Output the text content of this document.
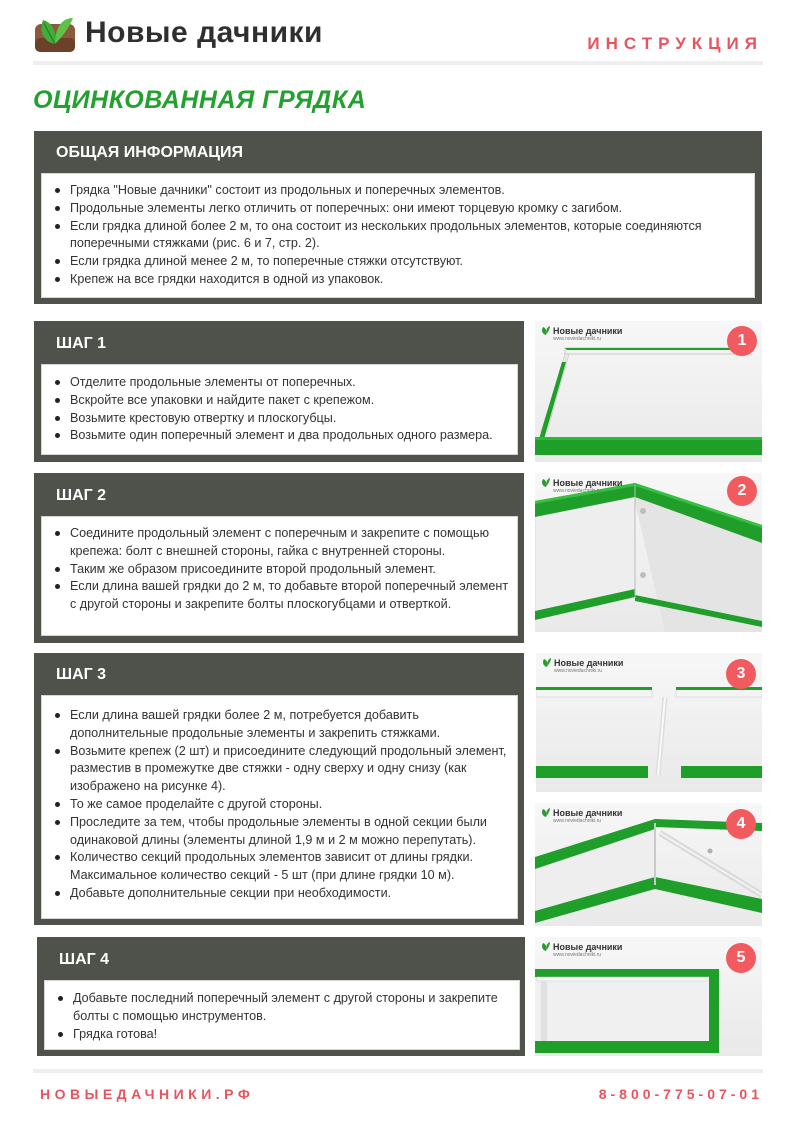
Новые дачники	ИНСТРУКЦИЯ
ОЦИНКОВАННАЯ ГРЯДКА
ОБЩАЯ ИНФОРМАЦИЯ
Грядка "Новые дачники" состоит из продольных и поперечных элементов.
Продольные элементы легко отличить от поперечных: они имеют торцевую кромку с загибом.
Если грядка длиной более 2 м, то она состоит из нескольких продольных элементов, которые соединяются поперечными стяжками (рис. 6 и 7, стр. 2).
Если грядка длиной менее 2 м, то поперечные стяжки отсутствуют.
Крепеж на все грядки находится в одной из упаковок.
ШАГ 1
Отделите продольные элементы от поперечных.
Вскройте все упаковки и найдите пакет с крепежом.
Возьмите крестовую отвертку и плоскогубцы.
Возьмите один поперечный элемент и два продольных одного размера.
ШАГ 2
Соедините продольный элемент с поперечным и закрепите с помощью крепежа: болт с внешней стороны, гайка с внутренней стороны.
Таким же образом присоедините второй продольный элемент.
Если длина вашей грядки до 2 м, то добавьте второй поперечный элемент с другой стороны и закрепите болты плоскогубцами и отверткой.
ШАГ 3
Если длина вашей грядки более 2 м, потребуется добавить дополнительные продольные элементы и закрепить стяжками.
Возьмите крепеж (2 шт) и присоедините следующий продольный элемент, разместив в промежутке две стяжки - одну сверху и одну снизу (как изображено на рисунке 4).
То же самое проделайте с другой стороны.
Проследите за тем, чтобы продольные элементы в одной секции были одинаковой длины (элементы длиной 1,9 м и 2 м можно перепутать).
Количество секций продольных элементов зависит от длины грядки. Максимальное количество секций - 5 шт (при длине грядки 10 м).
Добавьте дополнительные секции при необходимости.
ШАГ 4
Добавьте последний поперечный элемент с другой стороны и закрепите болты с помощью инструментов.
Грядка готова!
Новые дачники
www.noviedachniki.ru	1
Новые дачники
www.noviedachniki.ru	2
Новые дачники
www.noviedachniki.ru	3
Новые дачники
www.noviedachniki.ru	4
Новые дачники
www.noviedachniki.ru	5
НОВЫЕДАЧНИКИ.РФ	8-800-775-07-01
